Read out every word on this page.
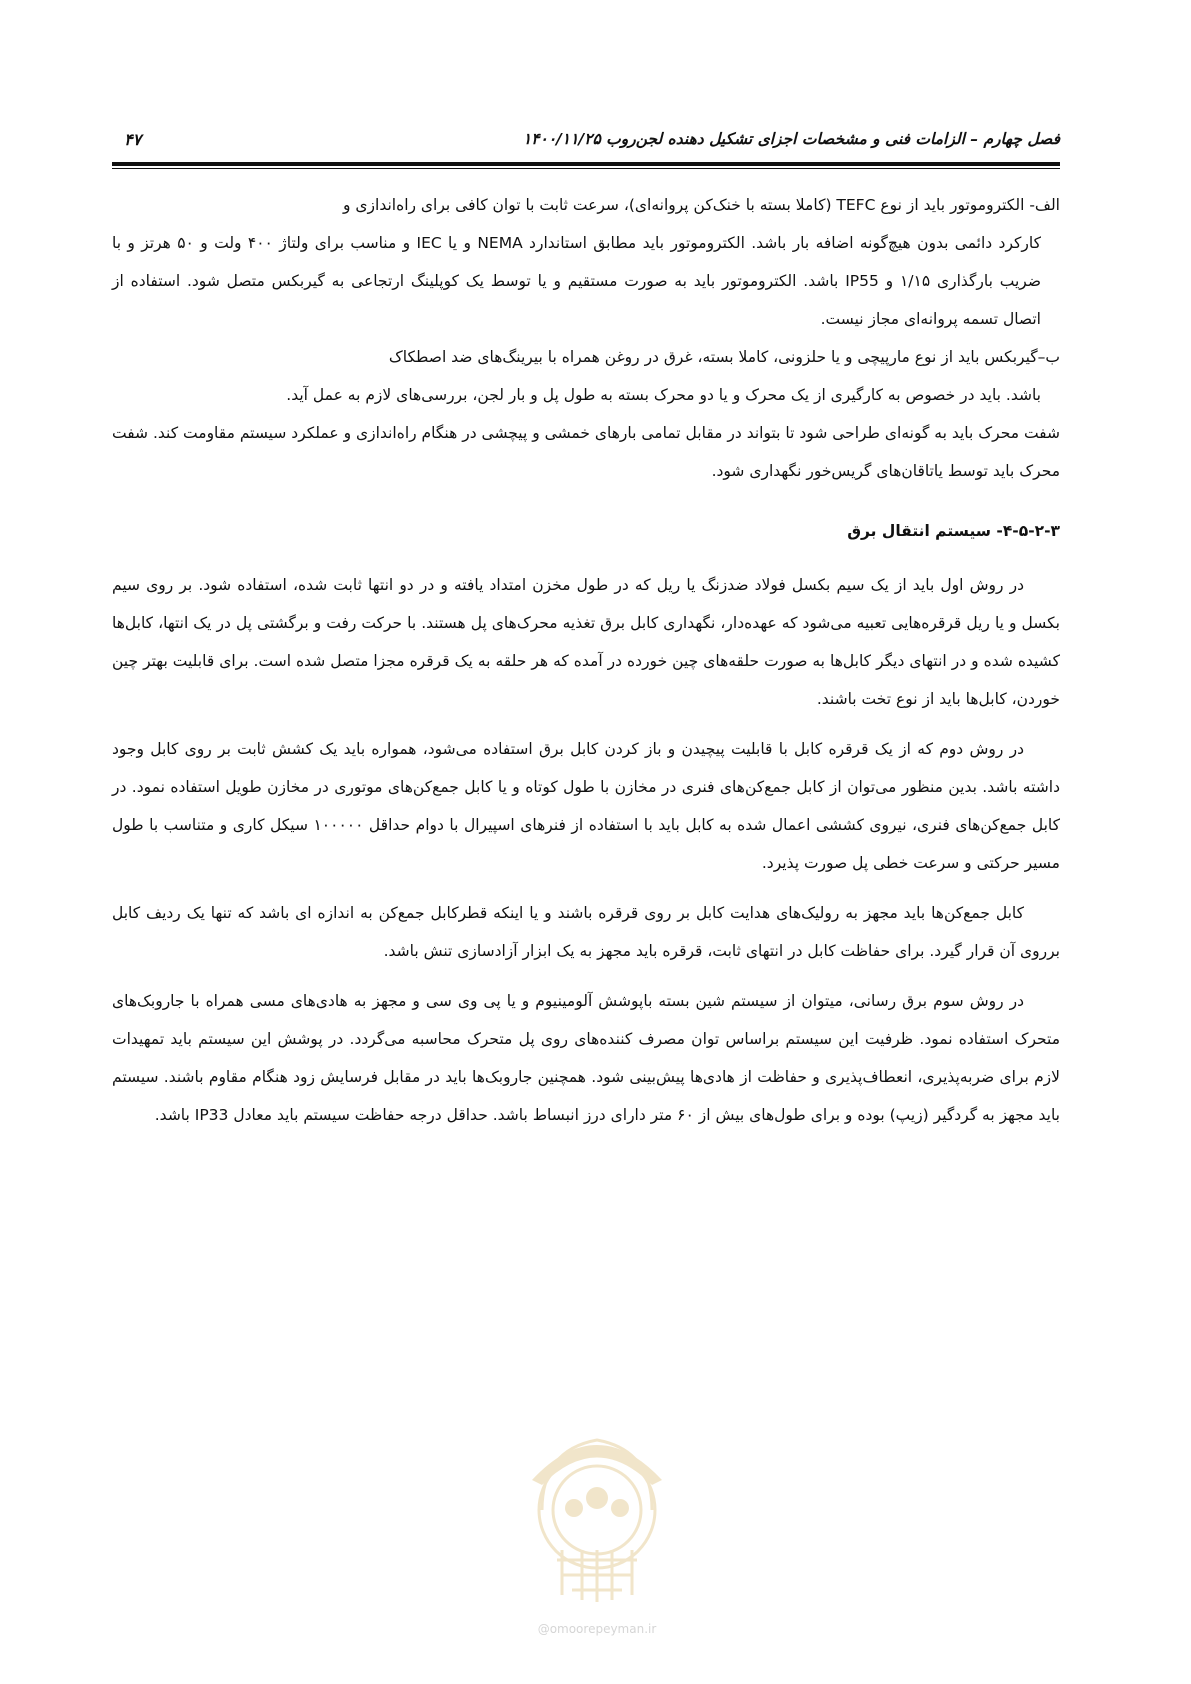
فصل چهارم – الزامات فنی و مشخصات اجزای تشکیل دهنده لجن‌روب ۱۴۰۰/۱۱/۲۵
۴۷

الف- الکتروموتور باید از نوع TEFC (کاملا بسته با خنک‌کن پروانه‌ای)، سرعت ثابت با توان کافی برای راه‌اندازی و
کارکرد دائمی بدون هیچ‌گونه اضافه بار باشد. الکتروموتور باید مطابق استاندارد NEMA و یا IEC و مناسب برای ولتاژ ۴۰۰ ولت و ۵۰ هرتز و با ضریب بارگذاری ۱/۱۵ و IP55 باشد. الکتروموتور باید به صورت مستقیم و یا توسط یک کوپلینگ ارتجاعی به گیربکس متصل شود. استفاده از اتصال تسمه پروانه‌ای مجاز نیست.

ب–گیربکس باید از نوع مارپیچی و یا حلزونی، کاملا بسته، غرق در روغن همراه با بیرینگ‌های ضد اصطکاک
باشد. باید در خصوص به کارگیری از یک محرک و یا دو محرک بسته به طول پل و بار لجن، بررسی‌های لازم به عمل آید.

شفت محرک باید به گونه‌ای طراحی شود تا بتواند در مقابل تمامی بارهای خمشی و پیچشی در هنگام راه‌اندازی و عملکرد سیستم مقاومت کند. شفت محرک باید توسط یاتاقان‌های گریس‌خور نگهداری شود.

۴-۵-۲-۳- سیستم انتقال برق

در روش اول باید از یک سیم بکسل فولاد ضدزنگ یا ریل که در طول مخزن امتداد یافته و در دو انتها ثابت شده، استفاده شود. بر روی سیم بکسل و یا ریل قرقره‌هایی تعبیه می‌شود که عهده‌دار، نگهداری کابل برق تغذیه محرک‌های پل هستند. با حرکت رفت و برگشتی پل در یک انتها، کابل‌ها کشیده شده و در انتهای دیگر کابل‌ها به صورت حلقه‌های چین خورده در آمده که هر حلقه به یک قرقره مجزا متصل شده است. برای قابلیت بهتر چین خوردن، کابل‌ها باید از نوع تخت باشند.

در روش دوم که از یک قرقره کابل با قابلیت پیچیدن و باز کردن کابل برق استفاده می‌شود، همواره باید یک کشش ثابت بر روی کابل وجود داشته باشد. بدین منظور می‌توان از کابل جمع‌کن‌های فنری در مخازن با طول کوتاه و یا کابل جمع‌کن‌های موتوری در مخازن طویل استفاده نمود. در کابل جمع‌کن‌های فنری، نیروی کششی اعمال شده به کابل باید با استفاده از فنرهای اسپیرال با دوام حداقل ۱۰۰۰۰۰ سیکل کاری و متناسب با طول مسیر حرکتی و سرعت خطی پل صورت پذیرد.

کابل جمع‌کن‌ها باید مجهز به رولیک‌های هدایت کابل بر روی قرقره باشند و یا اینکه قطرکابل جمع‌کن به اندازه ای باشد که تنها یک ردیف کابل برروی آن قرار گیرد. برای حفاظت کابل در انتهای ثابت، قرقره باید مجهز به یک ابزار آزادسازی تنش باشد.

در روش سوم برق رسانی، میتوان از سیستم شین بسته باپوشش آلومینیوم و یا پی وی سی و مجهز به هادی‌های مسی همراه با جاروبک‌های متحرک استفاده نمود. ظرفیت این سیستم براساس توان مصرف کننده‌های روی پل متحرک محاسبه می‌گردد. در پوشش این سیستم باید تمهیدات لازم برای ضربه‌پذیری، انعطاف‌پذیری و حفاظت از هادی‌ها پیش‌بینی شود. همچنین جاروبک‌ها باید در مقابل فرسایش زود هنگام مقاوم باشند. سیستم باید مجهز به گردگیر (زیپ) بوده و برای طول‌های بیش از ۶۰ متر دارای درز انبساط باشد. حداقل درجه حفاظت سیستم باید معادل IP33 باشد.

@omoorepeyman.ir
